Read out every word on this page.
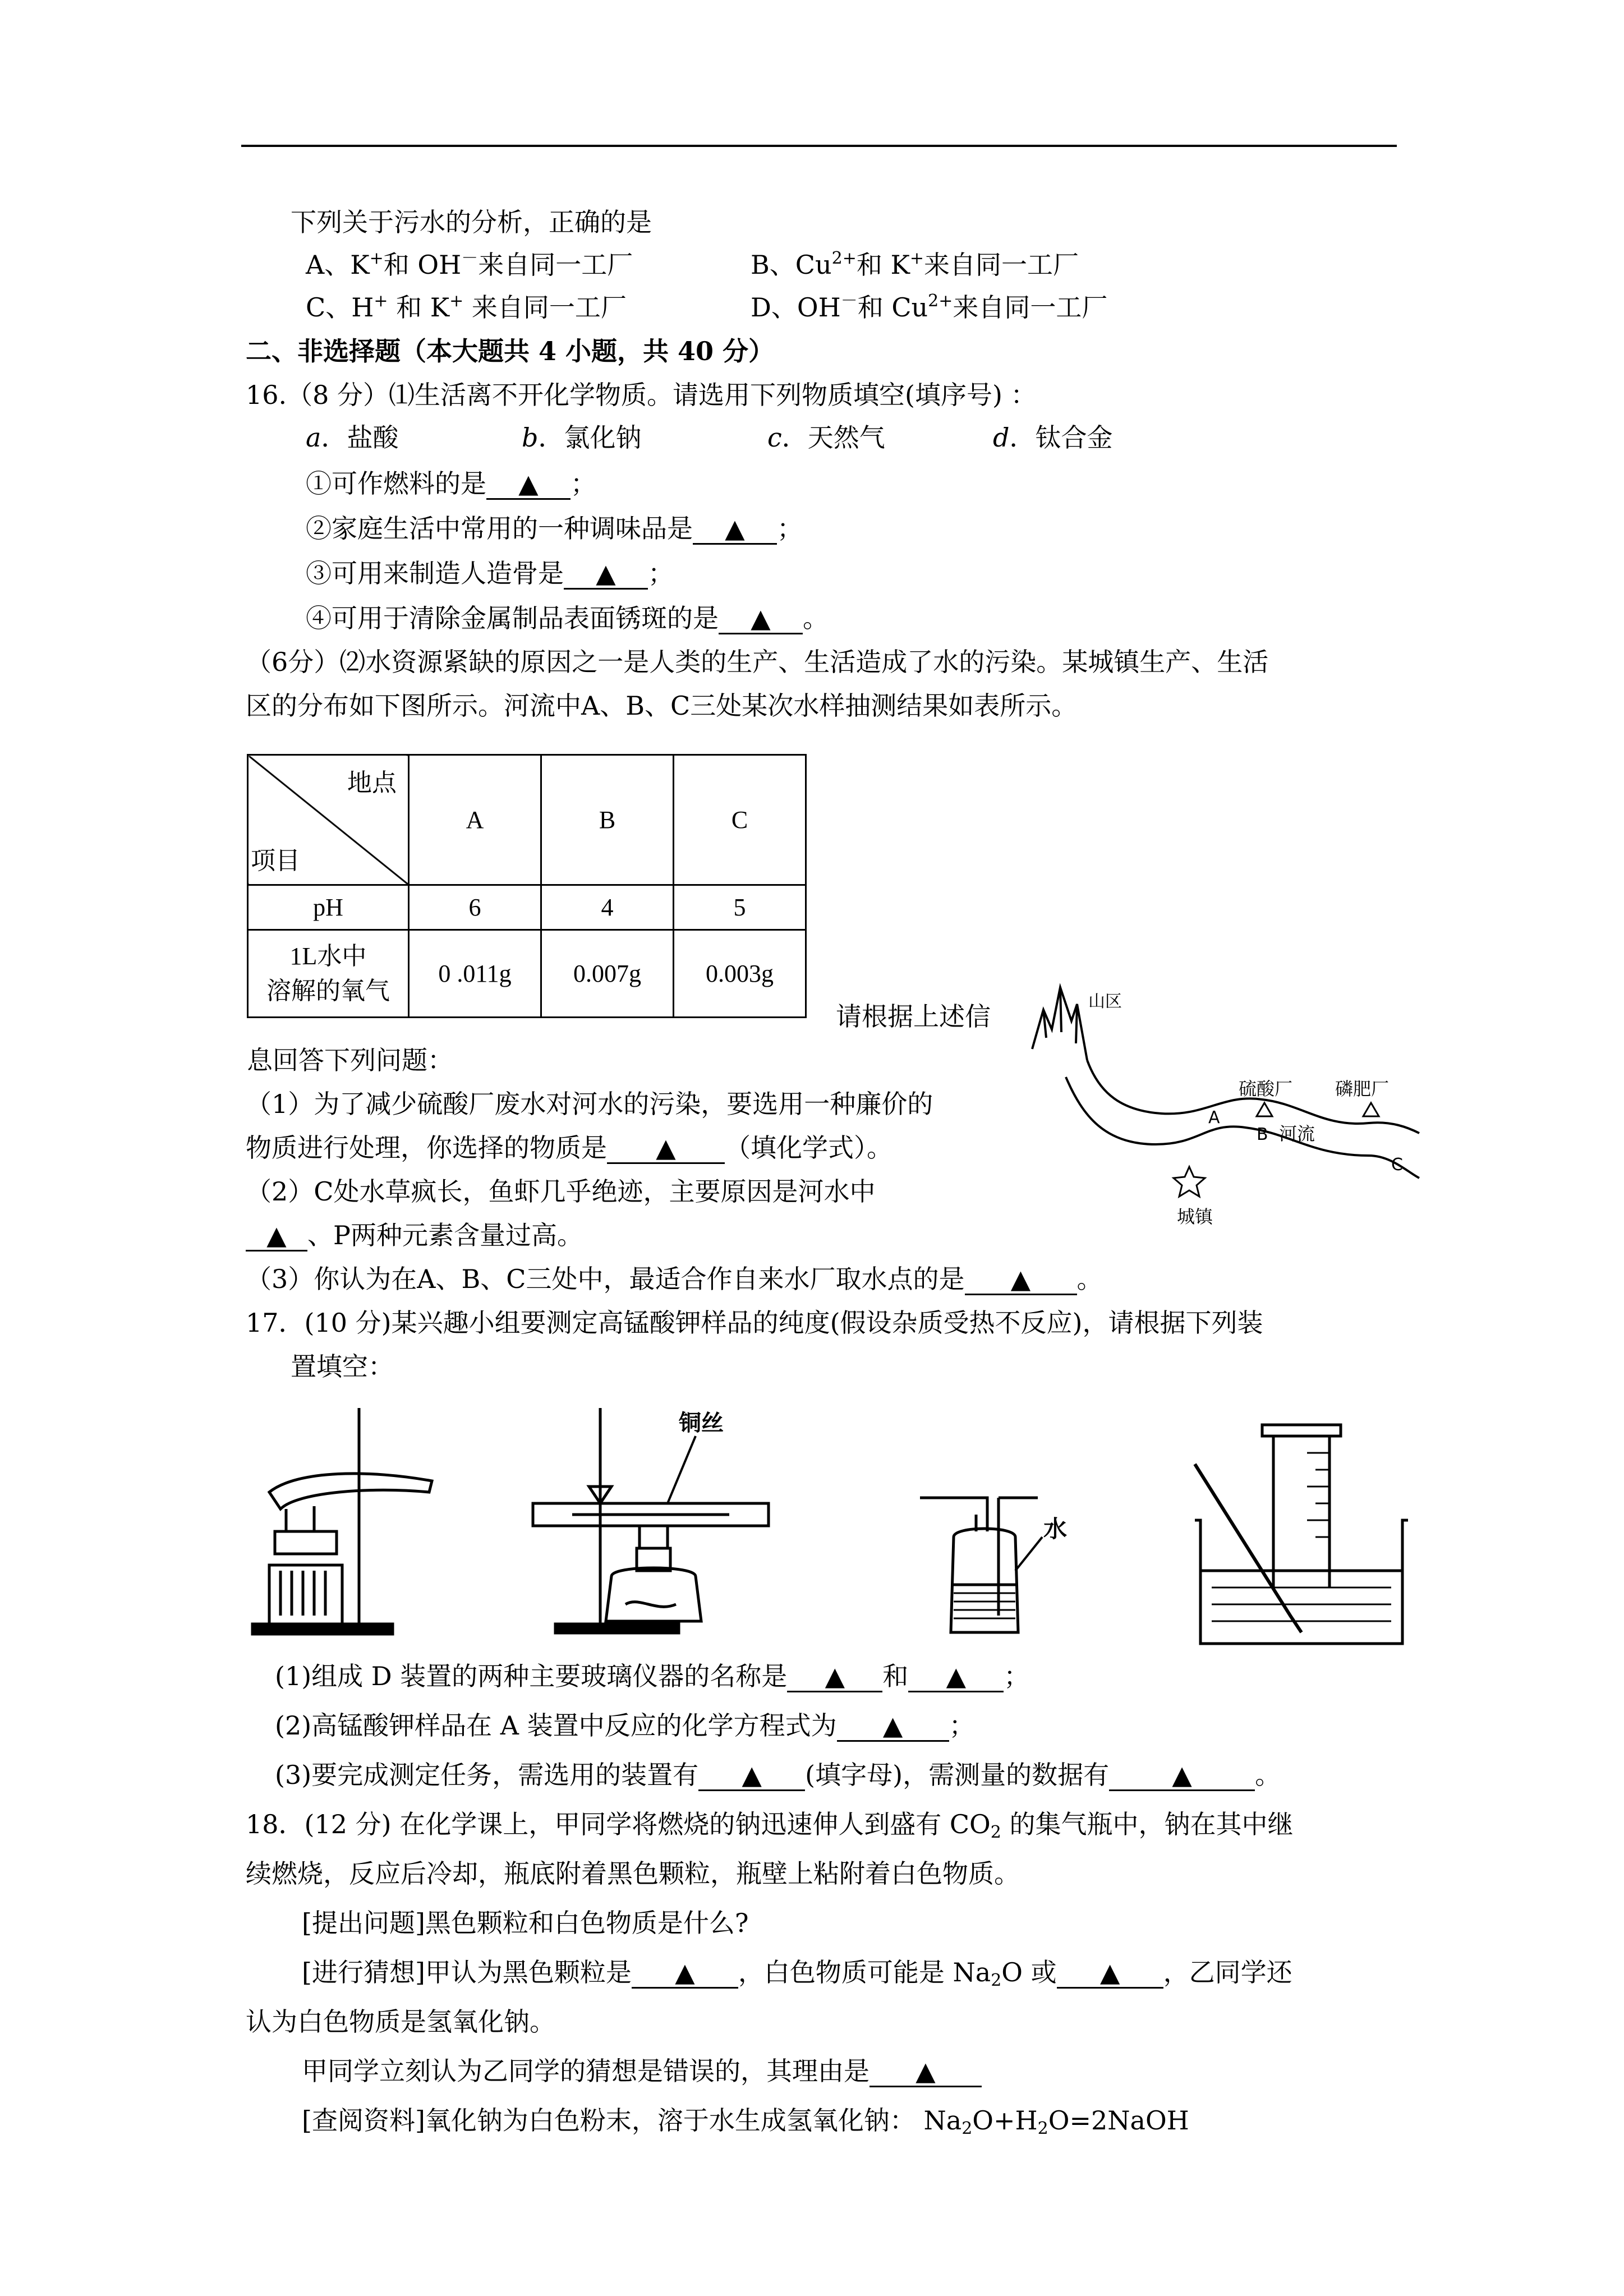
下列关于污水的分析，正确的是
A、K+和 OH－来自同一工厂	B、$Cu^{2+}$和 K+来自同一工厂
C、H+ 和 K+ 来自同一工厂	D、OH－和 $Cu^{2+}$来自同一工厂
二、非选择题（本大题共 4 小题，共 40 分）
16.（8 分）⑴生活离不开化学物质。请选用下列物质填空(填序号) ：
a．盐酸	b．氯化钠	c．天然气	d．钛合金
①可作燃料的是 ▲ ；
②家庭生活中常用的一种调味品是 ▲ ；
③可用来制造人造骨是 ▲ ；
④可用于清除金属制品表面锈斑的是 ▲ 。
（6分）⑵水资源紧缺的原因之一是人类的生产、生活造成了水的污染。某城镇生产、生活
区的分布如下图所示。河流中A、B、C三处某次水样抽测结果如表所示。
地点
项目	A	B	C
pH	6	4	5

1L水中
溶解的氧气	0 .011g	0.007g	0.003g
请根据上述信
息回答下列问题：
（1）为了减少硫酸厂废水对河水的污染，要选用一种廉价的
物质进行处理，你选择的物质是 ▲ （填化学式）。
（2）C处水草疯长，鱼虾几乎绝迹，主要原因是河水中
▲ 、P两种元素含量过高。
（3）你认为在A、B、C三处中，最适合作自来水厂取水点的是 ▲ 。
山区
硫酸厂 磷肥厂
河流
城镇
A
B
C
17．(10 分)某兴趣小组要测定高锰酸钾样品的纯度(假设杂质受热不反应)，请根据下列装
置填空：
铜丝
水
(1)组成 D 装置的两种主要玻璃仪器的名称是 ▲ 和 ▲ ；
(2)高锰酸钾样品在 A 装置中反应的化学方程式为 ▲ ；
(3)要完成测定任务，需选用的装置有 ▲ (填字母)，需测量的数据有 ▲ 。
18．(12 分) 在化学课上，甲同学将燃烧的钠迅速伸人到盛有 $CO_2$ 的集气瓶中，钠在其中继
续燃烧，反应后冷却，瓶底附着黑色颗粒，瓶壁上粘附着白色物质。
[提出问题]黑色颗粒和白色物质是什么?
[进行猜想]甲认为黑色颗粒是 ▲ ，白色物质可能是 $Na_2O$ 或 ▲ ，乙同学还
认为白色物质是氢氧化钠。
甲同学立刻认为乙同学的猜想是错误的，其理由是 ▲
[查阅资料]氧化钠为白色粉末，溶于水生成氢氧化钠： $Na_2O+H_2O=2NaOH$
